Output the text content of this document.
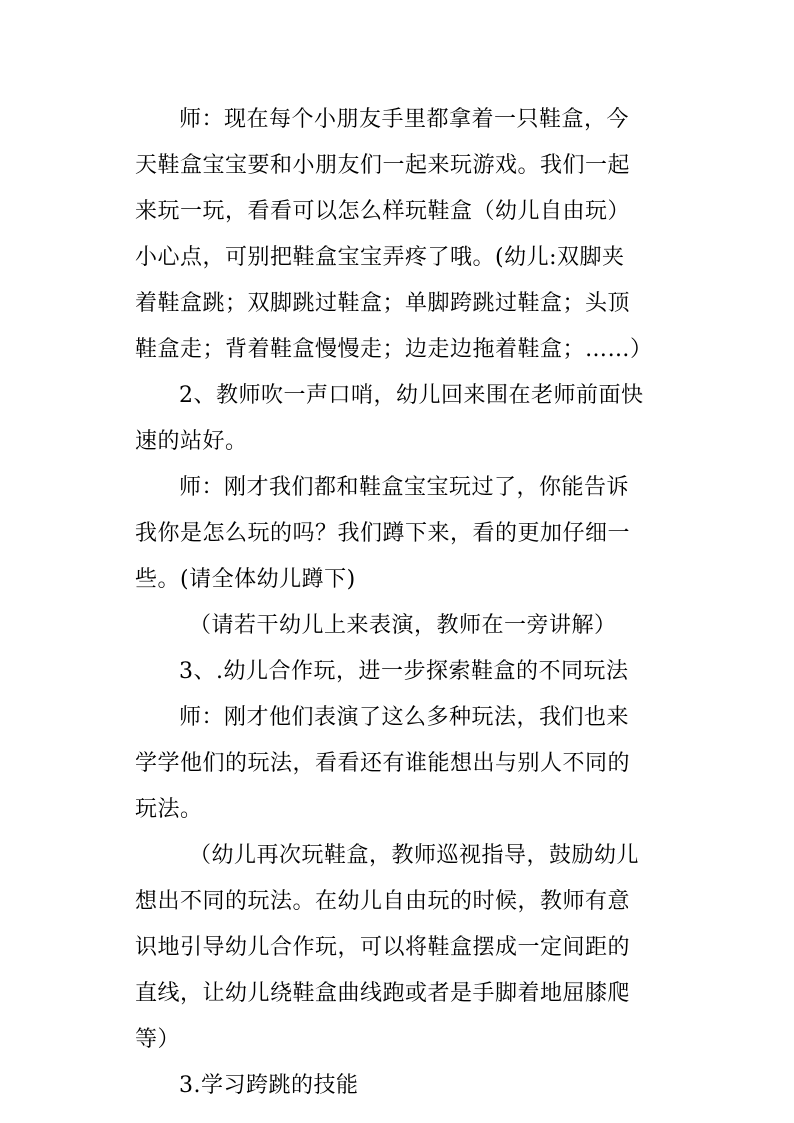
师：现在每个小朋友手里都拿着一只鞋盒，今
天鞋盒宝宝要和小朋友们一起来玩游戏。我们一起
来玩一玩，看看可以怎么样玩鞋盒（幼儿自由玩）
小心点，可别把鞋盒宝宝弄疼了哦。(幼儿:双脚夹
着鞋盒跳；双脚跳过鞋盒；单脚跨跳过鞋盒；头顶
鞋盒走；背着鞋盒慢慢走；边走边拖着鞋盒；……）
2、教师吹一声口哨，幼儿回来围在老师前面快
速的站好。
师：刚才我们都和鞋盒宝宝玩过了，你能告诉
我你是怎么玩的吗？我们蹲下来，看的更加仔细一
些。(请全体幼儿蹲下)
（请若干幼儿上来表演，教师在一旁讲解）
3、.幼儿合作玩，进一步探索鞋盒的不同玩法
师：刚才他们表演了这么多种玩法，我们也来
学学他们的玩法，看看还有谁能想出与别人不同的
玩法。
（幼儿再次玩鞋盒，教师巡视指导，鼓励幼儿
想出不同的玩法。在幼儿自由玩的时候，教师有意
识地引导幼儿合作玩，可以将鞋盒摆成一定间距的
直线，让幼儿绕鞋盒曲线跑或者是手脚着地屈膝爬
等）
3.学习跨跳的技能
